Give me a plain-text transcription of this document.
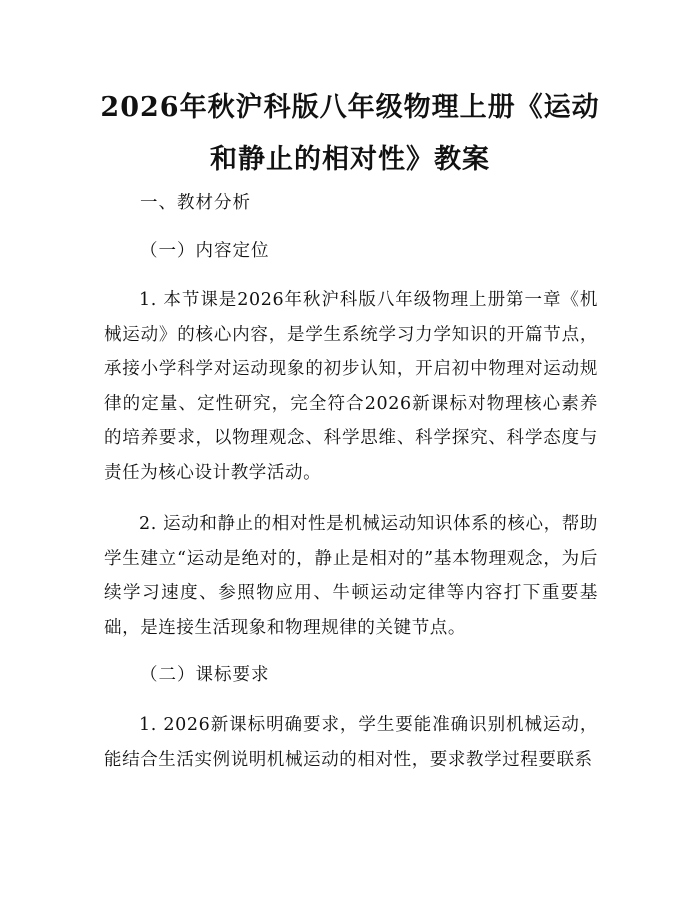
2026年秋沪科版八年级物理上册《运动和静止的相对性》教案
一、教材分析
（一）内容定位
1. 本节课是2026年秋沪科版八年级物理上册第一章《机械运动》的核心内容，是学生系统学习力学知识的开篇节点，承接小学科学对运动现象的初步认知，开启初中物理对运动规律的定量、定性研究，完全符合2026新课标对物理核心素养的培养要求，以物理观念、科学思维、科学探究、科学态度与责任为核心设计教学活动。
2. 运动和静止的相对性是机械运动知识体系的核心，帮助学生建立“运动是绝对的，静止是相对的”基本物理观念，为后续学习速度、参照物应用、牛顿运动定律等内容打下重要基础，是连接生活现象和物理规律的关键节点。
（二）课标要求
1. 2026新课标明确要求，学生要能准确识别机械运动，能结合生活实例说明机械运动的相对性，要求教学过程要联系
